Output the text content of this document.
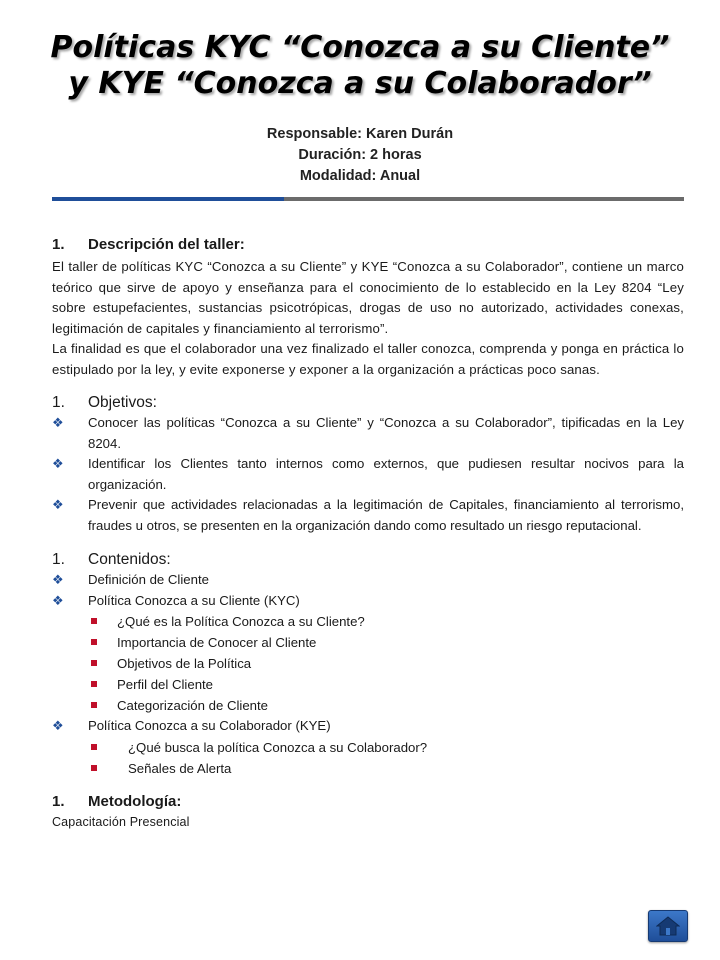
Políticas KYC “Conozca a su Cliente”
y KYE “Conozca a su Colaborador”
Responsable: Karen Durán
Duración: 2 horas
Modalidad: Anual
1.	Descripción del taller:

El taller de políticas KYC “Conozca a su Cliente” y KYE “Conozca a su Colaborador”, contiene un marco teórico que sirve de apoyo y enseñanza para el conocimiento de lo establecido en la Ley 8204 “Ley sobre estupefacientes, sustancias psicotrópicas, drogas de uso no autorizado, actividades conexas, legitimación de capitales y financiamiento al terrorismo”.

La finalidad es que el colaborador una vez finalizado el taller conozca, comprenda y ponga en práctica lo estipulado por la ley, y evite exponerse y exponer a la organización a prácticas poco sanas.

1.	Objetivos:
❖	Conocer las políticas “Conozca a su Cliente” y “Conozca a su Colaborador”, tipificadas en la Ley 8204.
❖	Identificar los Clientes tanto internos como externos, que pudiesen resultar nocivos para la organización.
❖	Prevenir que actividades relacionadas a la legitimación de Capitales, financiamiento al terrorismo, fraudes u otros, se presenten en la organización dando como resultado un riesgo reputacional.
1.	Contenidos:
❖	Definición de Cliente
❖	Política Conozca a su Cliente (KYC)
¿Qué es la Política Conozca a su Cliente?
Importancia de Conocer al Cliente
Objetivos de la Política
Perfil del Cliente
Categorización de Cliente
❖	Política Conozca a su Colaborador (KYE)
¿Qué busca la política Conozca a su Colaborador?
Señales de Alerta
1.	Metodología:

Capacitación Presencial
